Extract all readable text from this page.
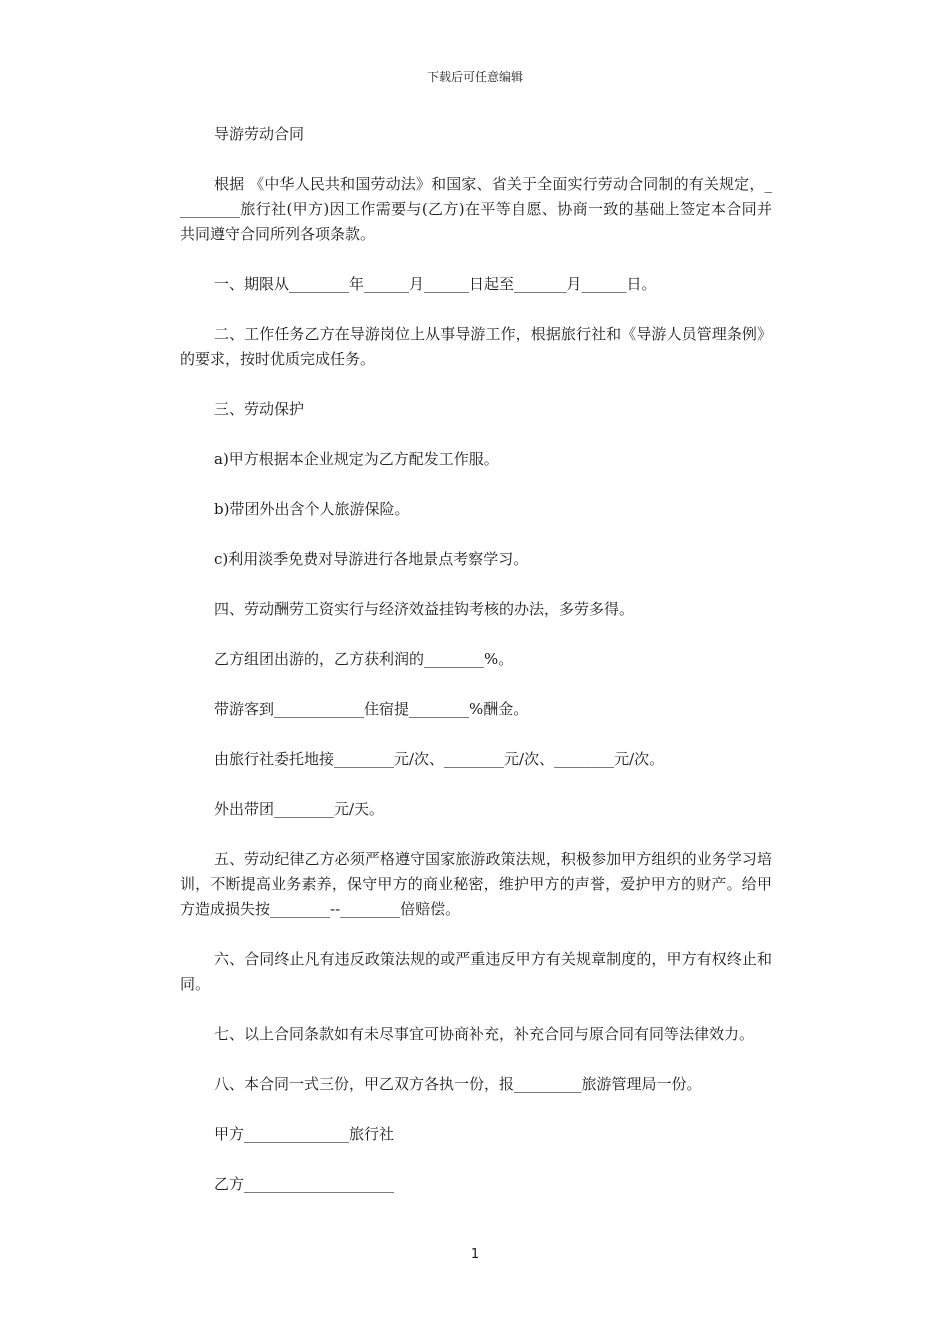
下载后可任意编辑

导游劳动合同

根据 《中华人民共和国劳动法》和国家、省关于全面实行劳动合同制的有关规定，_________旅行社(甲方)因工作需要与(乙方)在平等自愿、协商一致的基础上签定本合同并共同遵守合同所列各项条款。

一、期限从________年______月______日起至_______月______日。

二、工作任务乙方在导游岗位上从事导游工作，根据旅行社和《导游人员管理条例》的要求，按时优质完成任务。

三、劳动保护

a)甲方根据本企业规定为乙方配发工作服。

b)带团外出含个人旅游保险。

c)利用淡季免费对导游进行各地景点考察学习。

四、劳动酬劳工资实行与经济效益挂钩考核的办法，多劳多得。

乙方组团出游的，乙方获利润的________%。

带游客到____________住宿提________%酬金。

由旅行社委托地接________元/次、________元/次、________元/次。

外出带团________元/天。

五、劳动纪律乙方必须严格遵守国家旅游政策法规，积极参加甲方组织的业务学习培训，不断提高业务素养，保守甲方的商业秘密，维护甲方的声誉，爱护甲方的财产。给甲方造成损失按________--________倍赔偿。

六、合同终止凡有违反政策法规的或严重违反甲方有关规章制度的，甲方有权终止和同。

七、以上合同条款如有未尽事宜可协商补充，补充合同与原合同有同等法律效力。

八、本合同一式三份，甲乙双方各执一份，报_________旅游管理局一份。

甲方______________旅行社

乙方____________________

1
